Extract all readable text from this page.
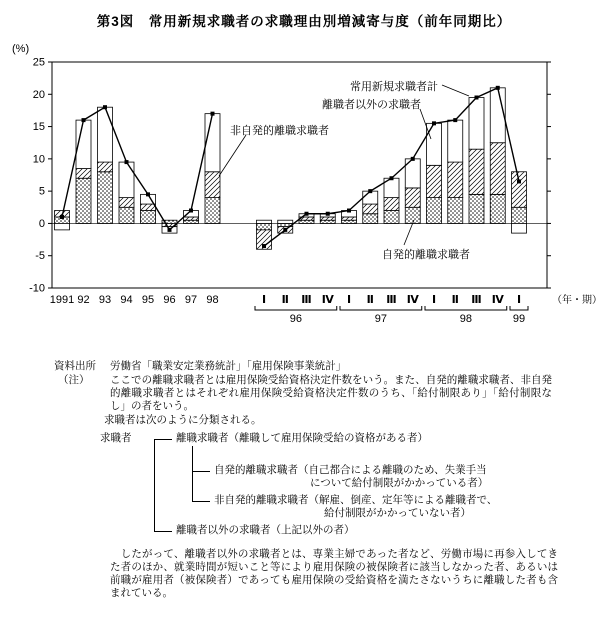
第3図　常用新規求職者の求職理由別増減寄与度（前年同期比）
25
20
15
10
5
0
-5
-10
(%)
1991 92 93 94 95 96 97 98	Ⅰ Ⅱ Ⅲ Ⅳ Ⅰ Ⅱ Ⅲ Ⅳ Ⅰ Ⅱ Ⅲ Ⅳ Ⅰ
96	97	98	99
（年・期）
常用新規求職者計
離職者以外の求職者
非自発的離職求職者
自発的離職求職者
資料出所 労働省「職業安定業務統計」「雇用保険事業統計」
（注） ここでの離職求職者とは雇用保険受給資格決定件数をいう。また、自発的離職求職者、非自発的離職求職者とはそれぞれ雇用保険受給資格決定件数のうち、「給付制限あり」「給付制限なし」の者をいう。
求職者は次のように分類される。
求職者	離職求職者（離職して雇用保険受給の資格がある者）
自発的離職求職者（自己都合による離職のため、失業手当
について給付制限がかかっている者）
非自発的離職求職者（解雇、倒産、定年等による離職者で、
給付制限がかかっていない者）
離職者以外の求職者（上記以外の者）
　したがって、離職者以外の求職者とは、専業主婦であった者など、労働市場に再参入してきた者のほか、就業時間が短いこと等により雇用保険の被保険者に該当しなかった者、あるいは前職が雇用者（被保険者）であっても雇用保険の受給資格を満たさないうちに離職した者も含まれている。
